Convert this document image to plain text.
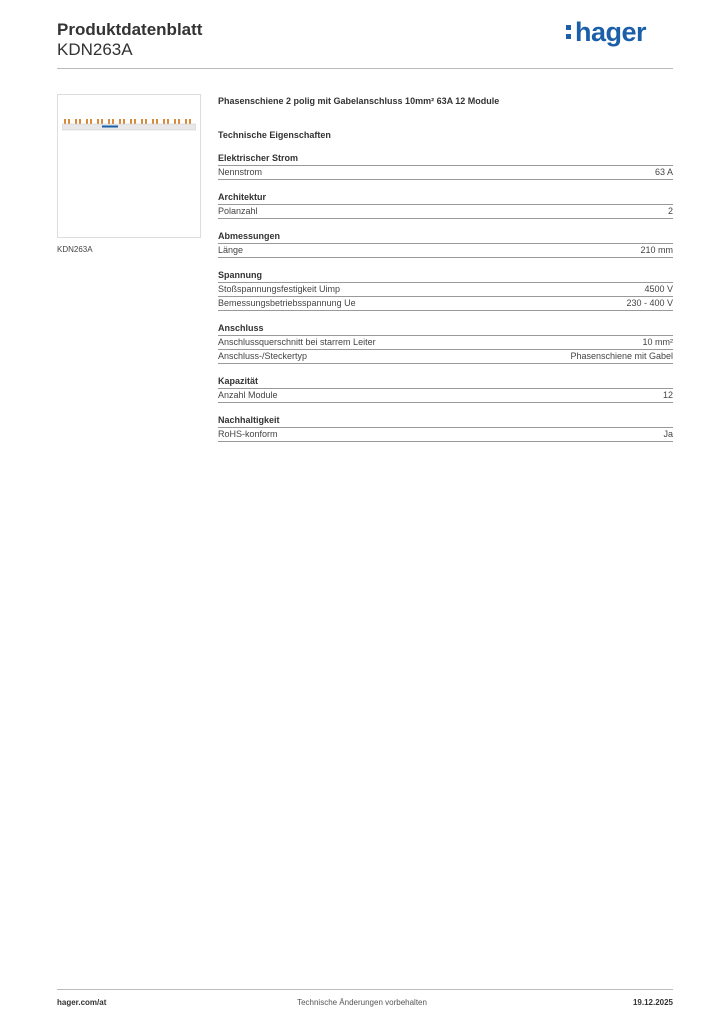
Produktdatenblatt
KDN263A
hager
KDN263A
Phasenschiene 2 polig mit Gabelanschluss 10mm² 63A 12 Module
Technische Eigenschaften
Elektrischer Strom
Nennstrom	63 A
Architektur
Polanzahl	2
Abmessungen
Länge	210 mm
Spannung
Stoßspannungsfestigkeit Uimp	4500 V
Bemessungsbetriebsspannung Ue	230 - 400 V
Anschluss
Anschlussquerschnitt bei starrem Leiter	10 mm²
Anschluss-/Steckertyp	Phasenschiene mit Gabel
Kapazität
Anzahl Module	12
Nachhaltigkeit
RoHS-konform	Ja
hager.com/at	Technische Änderungen vorbehalten	19.12.2025
